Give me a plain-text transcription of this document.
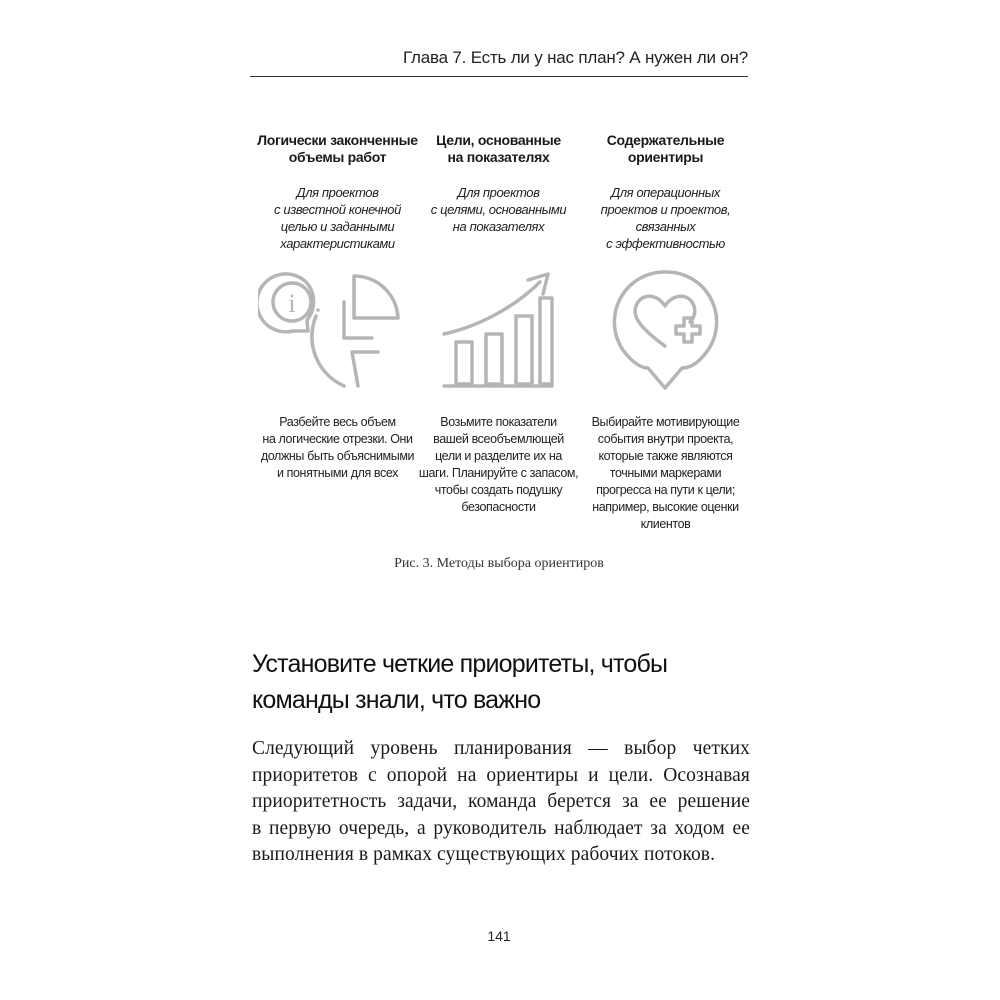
Глава 7. Есть ли у нас план? А нужен ли он?
Логически законченные
объемы работ
Для проектов
с известной конечной
целью и заданными
характеристиками
i
Разбейте весь объем
на логические отрезки. Они
должны быть объяснимыми
и понятными для всех
Цели, основанные
на показателях
Для проектов
с целями, основанными
на показателях
Возьмите показатели
вашей всеобъемлющей
цели и разделите их на
шаги. Планируйте с запасом,
чтобы создать подушку
безопасности
Содержательные
ориентиры
Для операционных
проектов и проектов,
связанных
с эффективностью
Выбирайте мотивирующие
события внутри проекта,
которые также являются
точными маркерами
прогресса на пути к цели;
например, высокие оценки
клиентов
Рис. 3. Методы выбора ориентиров
Установите четкие приоритеты, чтобы
команды знали, что важно
Следующий уровень планирования — выбор четких
приоритетов с опорой на ориентиры и цели. Осознавая
приоритетность задачи, команда берется за ее решение
в первую очередь, а руководитель наблюдает за ходом ее
выполнения в рамках существующих рабочих потоков.
141
